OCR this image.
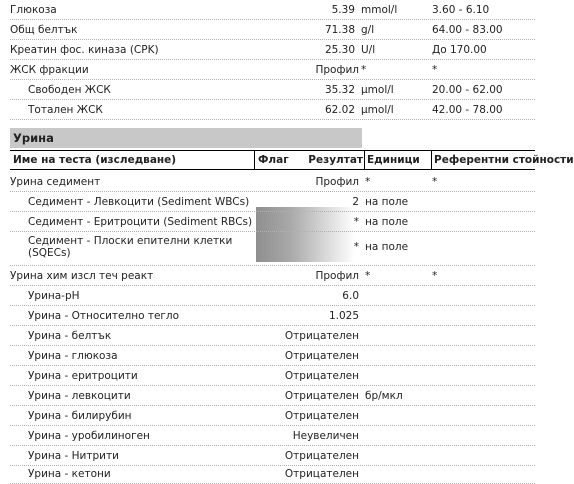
Глюкоза	5.39 mmol/l	3.60 - 6.10
Общ белтък	71.38 g/l	64.00 - 83.00
Креатин фос. киназа (CPK)	25.30 U/l	До 170.00
ЖСК фракции	Профил *	*
Свободен ЖСК	35.32 µmol/l	20.00 - 62.00
Тотален ЖСК	62.02 µmol/l	42.00 - 78.00
Урина
Име на теста (изследване)	Флаг	Резултат Единици	Референтни стойности
Урина седимент	Профил *	*
Седимент - Левкоцити (Sediment WBCs)	2 на поле
Седимент - Еритроцити (Sediment RBCs)	* на поле
Седимент - Плоски епителни клетки
(SQECs)	* на поле
Урина хим изсл теч реакт	Профил *	*
Урина-pH	6.0
Урина - Относително тегло	1.025
Урина - белтък	Отрицателен
Урина - глюкоза	Отрицателен
Урина - еритроцити	Отрицателен
Урина - левкоцити	Отрицателен бр/мкл
Урина - билирубин	Отрицателен
Урина - уробилиноген	Неувеличен
Урина - Нитрити	Отрицателен
Урина - кетони	Отрицателен
